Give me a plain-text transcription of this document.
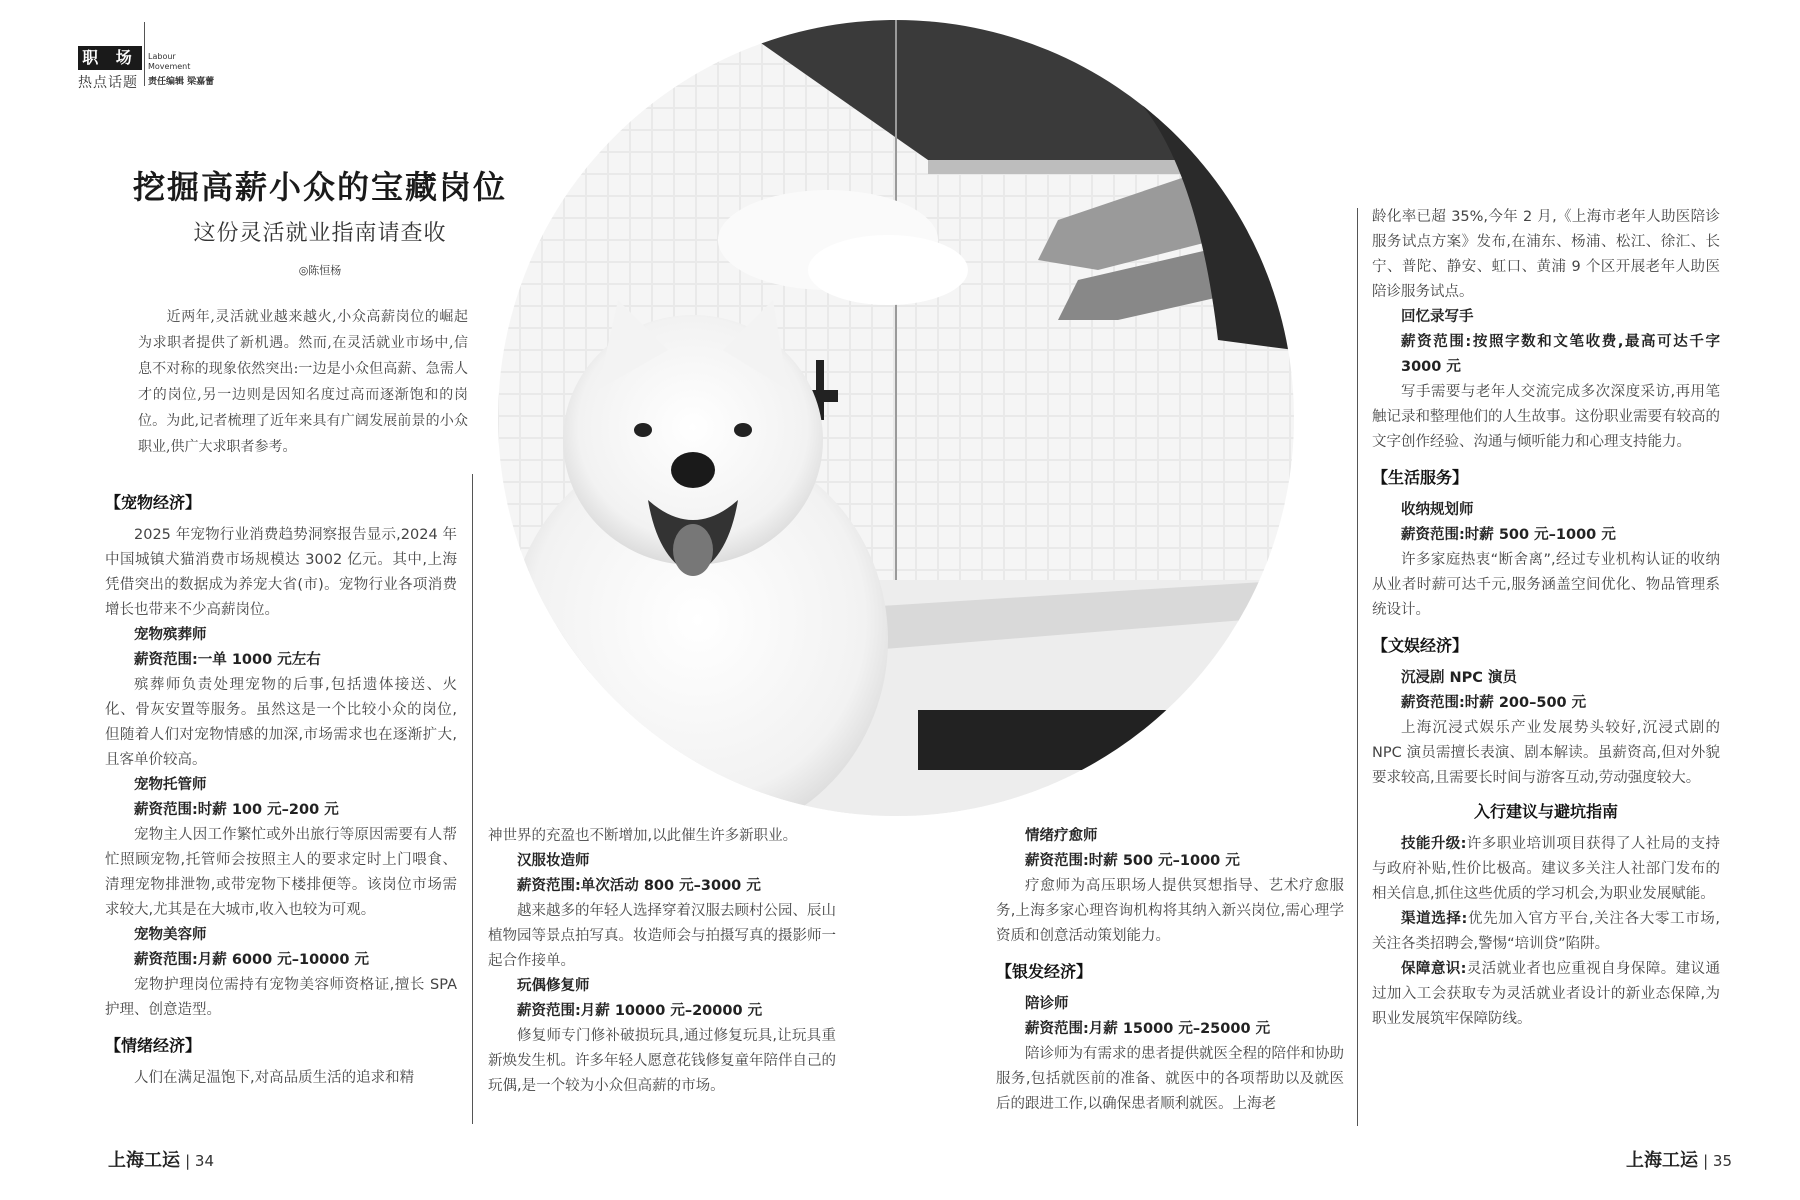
职 场
热点话题
Labour
Movement
责任编辑 梁嘉蕾
挖掘高薪小众的宝藏岗位
这份灵活就业指南请查收
◎陈恒杨
近两年,灵活就业越来越火,小众高薪岗位的崛起为求职者提供了新机遇。然而,在灵活就业市场中,信息不对称的现象依然突出:一边是小众但高薪、急需人才的岗位,另一边则是因知名度过高而逐渐饱和的岗位。为此,记者梳理了近年来具有广阔发展前景的小众职业,供广大求职者参考。

【宠物经济】

2025 年宠物行业消费趋势洞察报告显示,2024 年中国城镇犬猫消费市场规模达 3002 亿元。其中,上海凭借突出的数据成为养宠大省(市)。宠物行业各项消费增长也带来不少高薪岗位。

宠物殡葬师

薪资范围:一单 1000 元左右

殡葬师负责处理宠物的后事,包括遗体接送、火化、骨灰安置等服务。虽然这是一个比较小众的岗位,但随着人们对宠物情感的加深,市场需求也在逐渐扩大,且客单价较高。

宠物托管师

薪资范围:时薪 100 元–200 元

宠物主人因工作繁忙或外出旅行等原因需要有人帮忙照顾宠物,托管师会按照主人的要求定时上门喂食、清理宠物排泄物,或带宠物下楼排便等。该岗位市场需求较大,尤其是在大城市,收入也较为可观。

宠物美容师

薪资范围:月薪 6000 元–10000 元

宠物护理岗位需持有宠物美容师资格证,擅长 SPA 护理、创意造型。

【情绪经济】

人们在满足温饱下,对高品质生活的追求和精

神世界的充盈也不断增加,以此催生许多新职业。

汉服妆造师

薪资范围:单次活动 800 元–3000 元

越来越多的年轻人选择穿着汉服去顾村公园、辰山植物园等景点拍写真。妆造师会与拍摄写真的摄影师一起合作接单。

玩偶修复师

薪资范围:月薪 10000 元–20000 元

修复师专门修补破损玩具,通过修复玩具,让玩具重新焕发生机。许多年轻人愿意花钱修复童年陪伴自己的玩偶,是一个较为小众但高薪的市场。

情绪疗愈师

薪资范围:时薪 500 元–1000 元

疗愈师为高压职场人提供冥想指导、艺术疗愈服务,上海多家心理咨询机构将其纳入新兴岗位,需心理学资质和创意活动策划能力。

【银发经济】

陪诊师

薪资范围:月薪 15000 元–25000 元

陪诊师为有需求的患者提供就医全程的陪伴和协助服务,包括就医前的准备、就医中的各项帮助以及就医后的跟进工作,以确保患者顺利就医。上海老

龄化率已超 35%,今年 2 月,《上海市老年人助医陪诊服务试点方案》发布,在浦东、杨浦、松江、徐汇、长宁、普陀、静安、虹口、黄浦 9 个区开展老年人助医陪诊服务试点。

回忆录写手

薪资范围:按照字数和文笔收费,最高可达千字 3000 元

写手需要与老年人交流完成多次深度采访,再用笔触记录和整理他们的人生故事。这份职业需要有较高的文字创作经验、沟通与倾听能力和心理支持能力。

【生活服务】

收纳规划师

薪资范围:时薪 500 元–1000 元

许多家庭热衷“断舍离”,经过专业机构认证的收纳从业者时薪可达千元,服务涵盖空间优化、物品管理系统设计。

【文娱经济】

沉浸剧 NPC 演员

薪资范围:时薪 200–500 元

上海沉浸式娱乐产业发展势头较好,沉浸式剧的 NPC 演员需擅长表演、剧本解读。虽薪资高,但对外貌要求较高,且需要长时间与游客互动,劳动强度较大。

入行建议与避坑指南

技能升级:许多职业培训项目获得了人社局的支持与政府补贴,性价比极高。建议多关注人社部门发布的相关信息,抓住这些优质的学习机会,为职业发展赋能。

渠道选择:优先加入官方平台,关注各大零工市场,关注各类招聘会,警惕“培训贷”陷阱。

保障意识:灵活就业者也应重视自身保障。建议通过加入工会获取专为灵活就业者设计的新业态保障,为职业发展筑牢保障防线。

上海工运 | 34	上海工运 | 35
